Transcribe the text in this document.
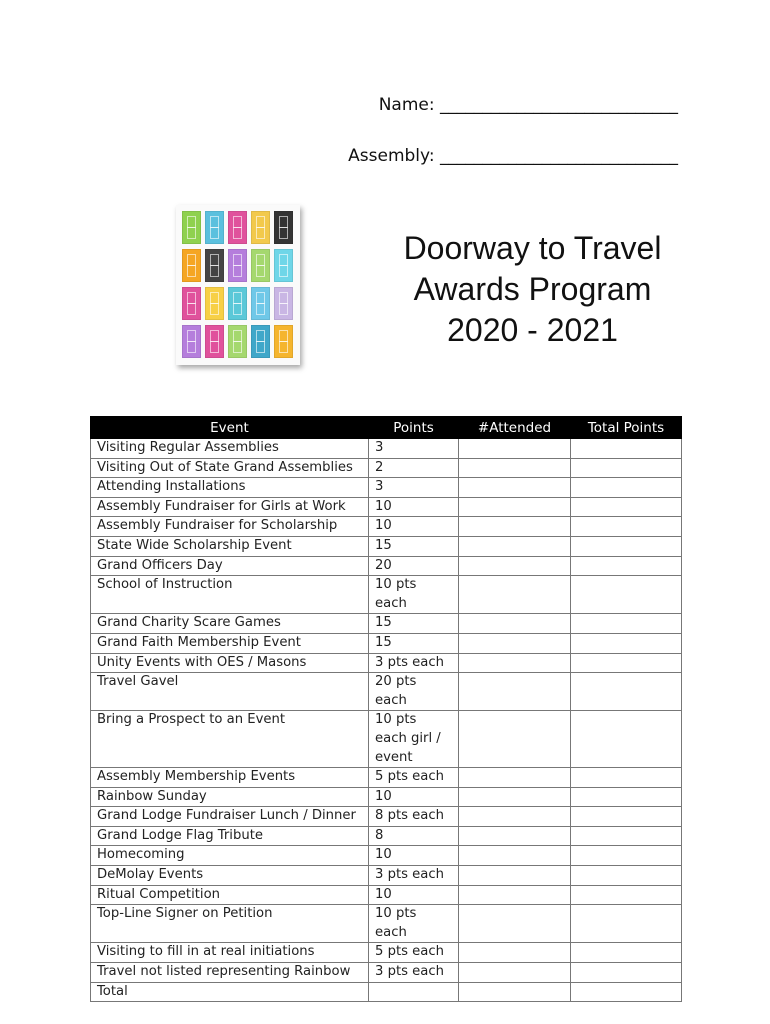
Name: ____________________________
Assembly: ____________________________
Doorway to Travel
Awards Program
2020 - 2021
Event	Points	#Attended	Total Points
Visiting Regular Assemblies	3		
Visiting Out of State Grand Assemblies	2		
Attending Installations	3		
Assembly Fundraiser for Girls at Work	10		
Assembly Fundraiser for Scholarship	10		
State Wide Scholarship Event	15		
Grand Officers Day	20		
School of Instruction	10 pts each		
Grand Charity Scare Games	15		
Grand Faith Membership Event	15		
Unity Events with OES / Masons	3 pts each		
Travel Gavel	20 pts each		
Bring a Prospect to an Event	10 pts each girl / event		
Assembly Membership Events	5 pts each		
Rainbow Sunday	10		
Grand Lodge Fundraiser Lunch / Dinner	8 pts each		
Grand Lodge Flag Tribute	8		
Homecoming	10		
DeMolay Events	3 pts each		
Ritual Competition	10		
Top-Line Signer on Petition	10 pts each		
Visiting to fill in at real initiations	5 pts each		
Travel not listed representing Rainbow	3 pts each		
Total			
